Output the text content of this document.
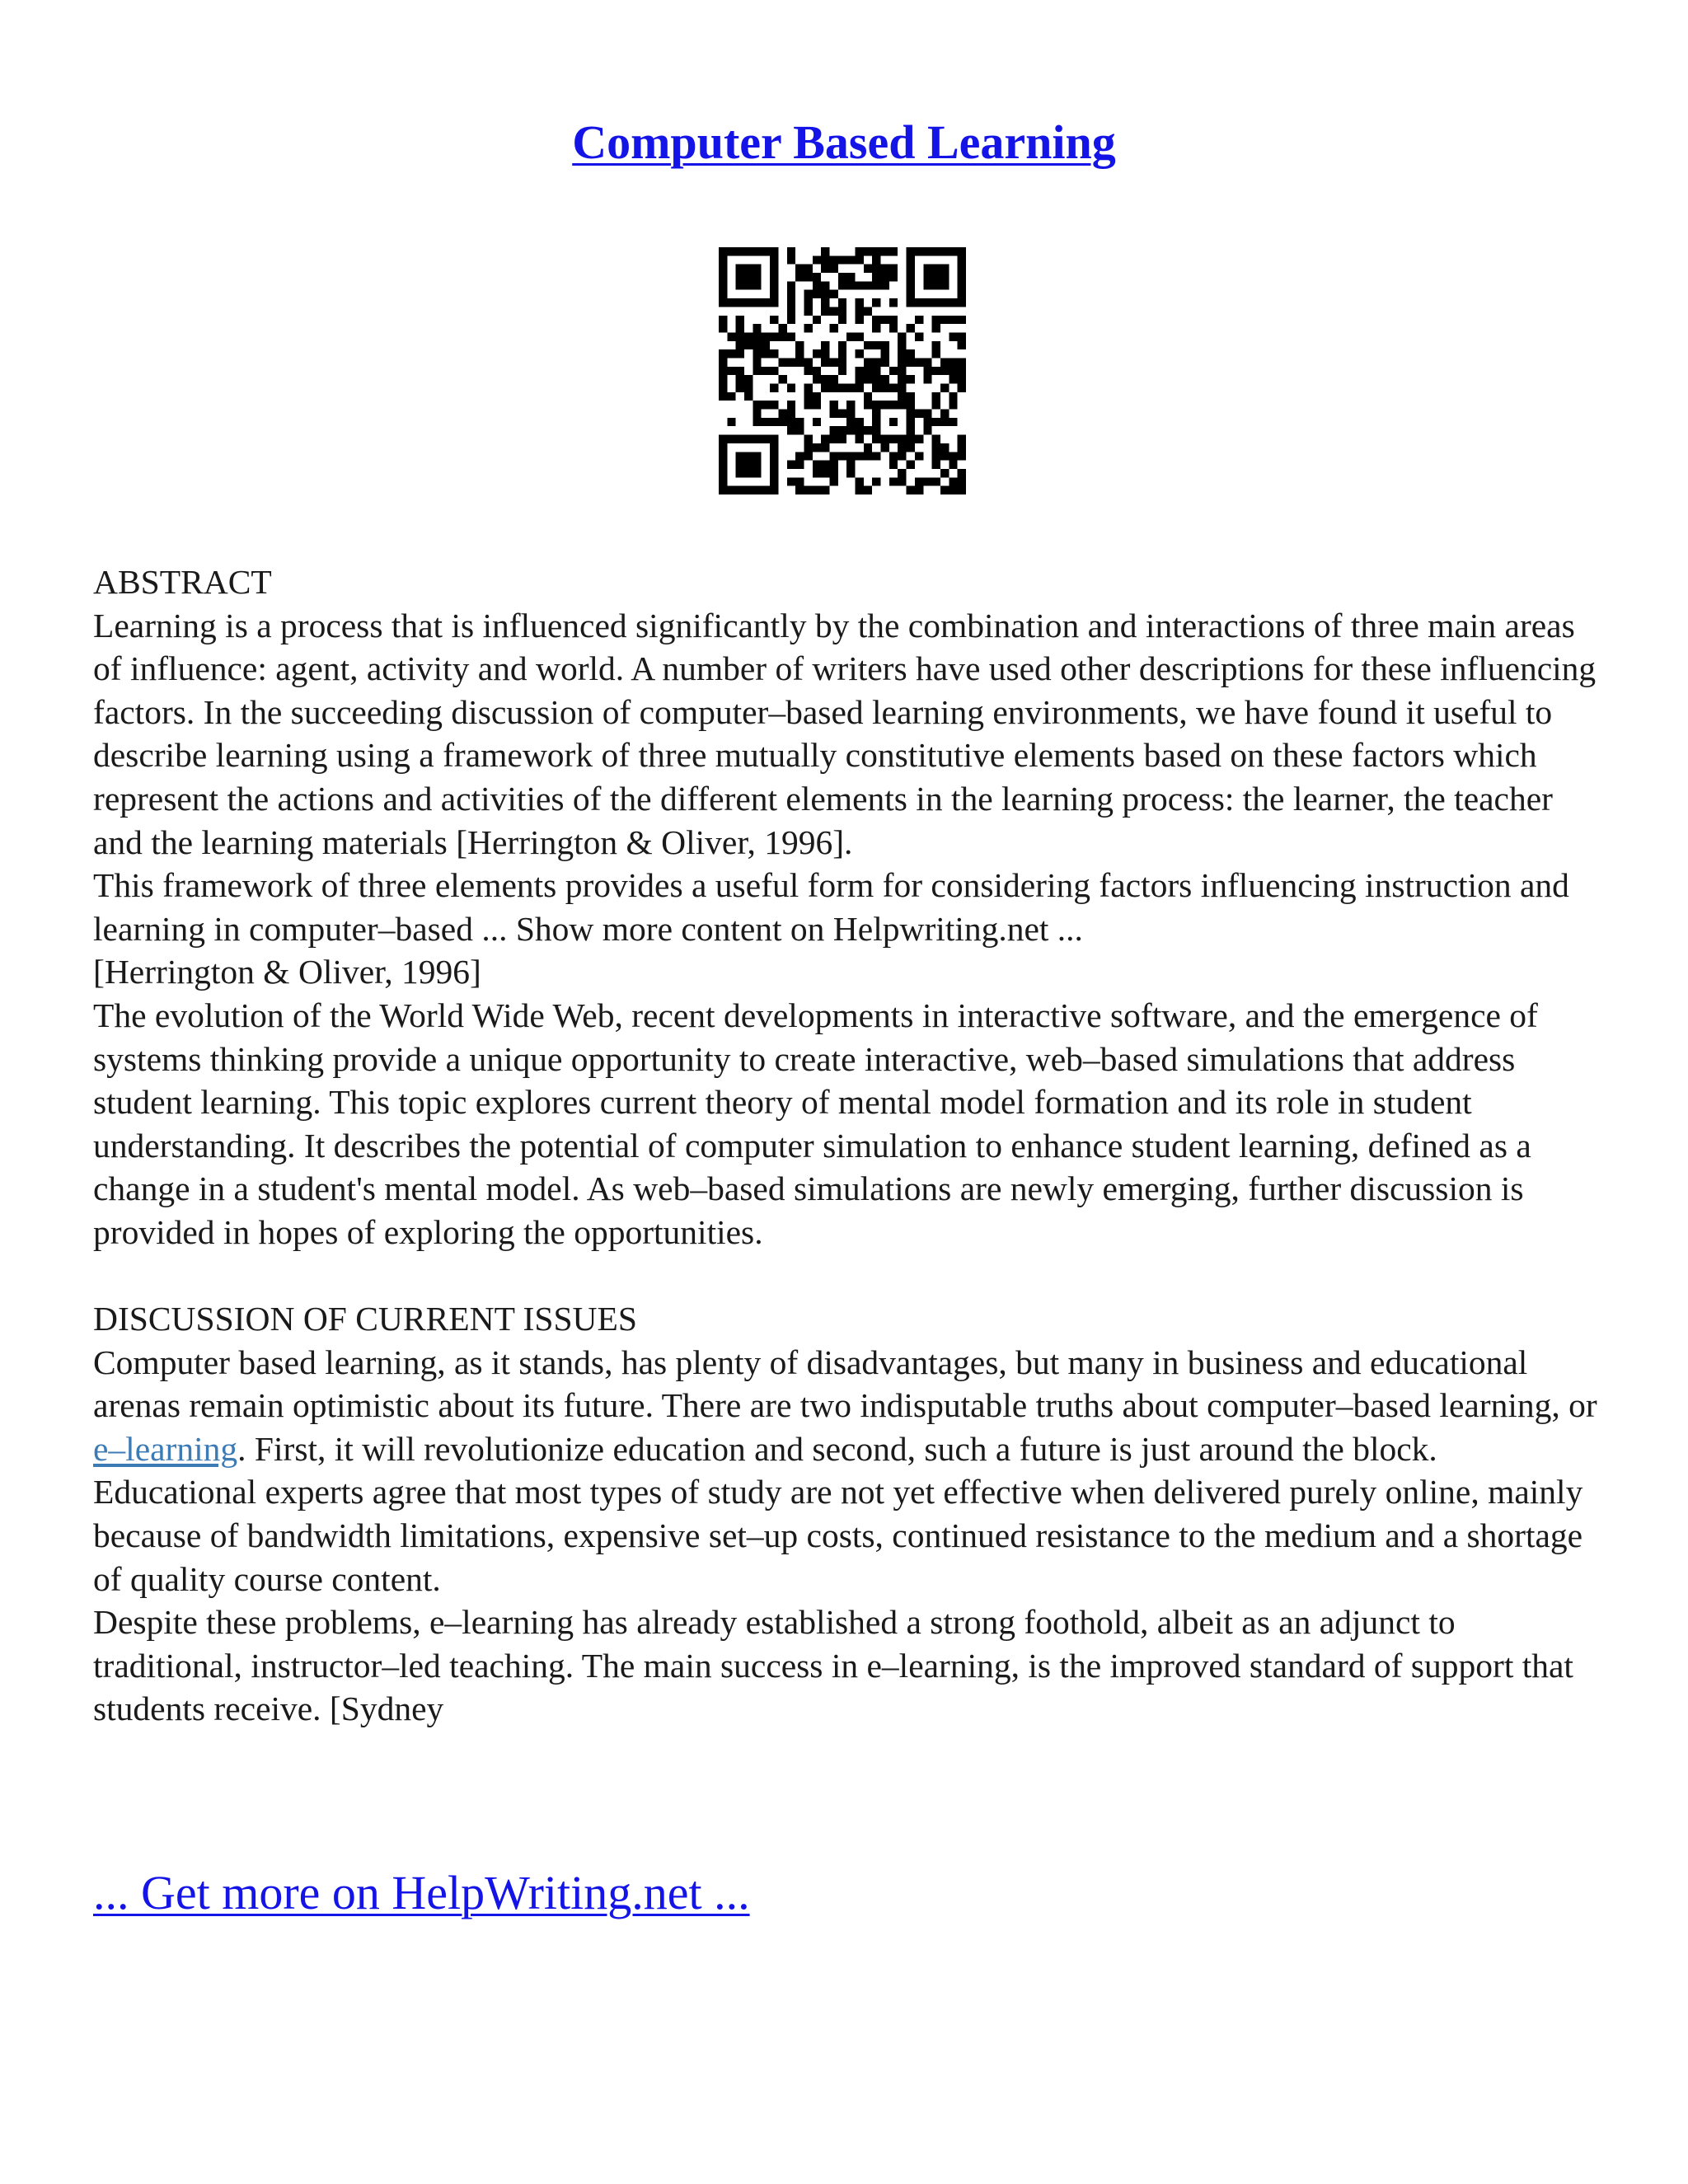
Computer Based Learning

ABSTRACT

Learning is a process that is influenced significantly by the combination and interactions of three main areas of influence: agent, activity and world. A number of writers have used other descriptions for these influencing factors. In the succeeding discussion of computer–based learning environments, we have found it useful to describe learning using a framework of three mutually constitutive elements based on these factors which represent the actions and activities of the different elements in the learning process: the learner, the teacher and the learning materials [Herrington & Oliver, 1996].

This framework of three elements provides a useful form for considering factors influencing instruction and learning in computer–based ... Show more content on Helpwriting.net ...

[Herrington & Oliver, 1996]

The evolution of the World Wide Web, recent developments in interactive software, and the emergence of systems thinking provide a unique opportunity to create interactive, web–based simulations that address student learning. This topic explores current theory of mental model formation and its role in student understanding. It describes the potential of computer simulation to enhance student learning, defined as a change in a student's mental model. As web–based simulations are newly emerging, further discussion is provided in hopes of exploring the opportunities.

DISCUSSION OF CURRENT ISSUES

Computer based learning, as it stands, has plenty of disadvantages, but many in business and educational arenas remain optimistic about its future. There are two indisputable truths about computer–based learning, or e–learning. First, it will revolutionize education and second, such a future is just around the block. Educational experts agree that most types of study are not yet effective when delivered purely online, mainly because of bandwidth limitations, expensive set–up costs, continued resistance to the medium and a shortage of quality course content.

Despite these problems, e–learning has already established a strong foothold, albeit as an adjunct to traditional, instructor–led teaching. The main success in e–learning, is the improved standard of support that students receive. [Sydney

... Get more on HelpWriting.net ...
